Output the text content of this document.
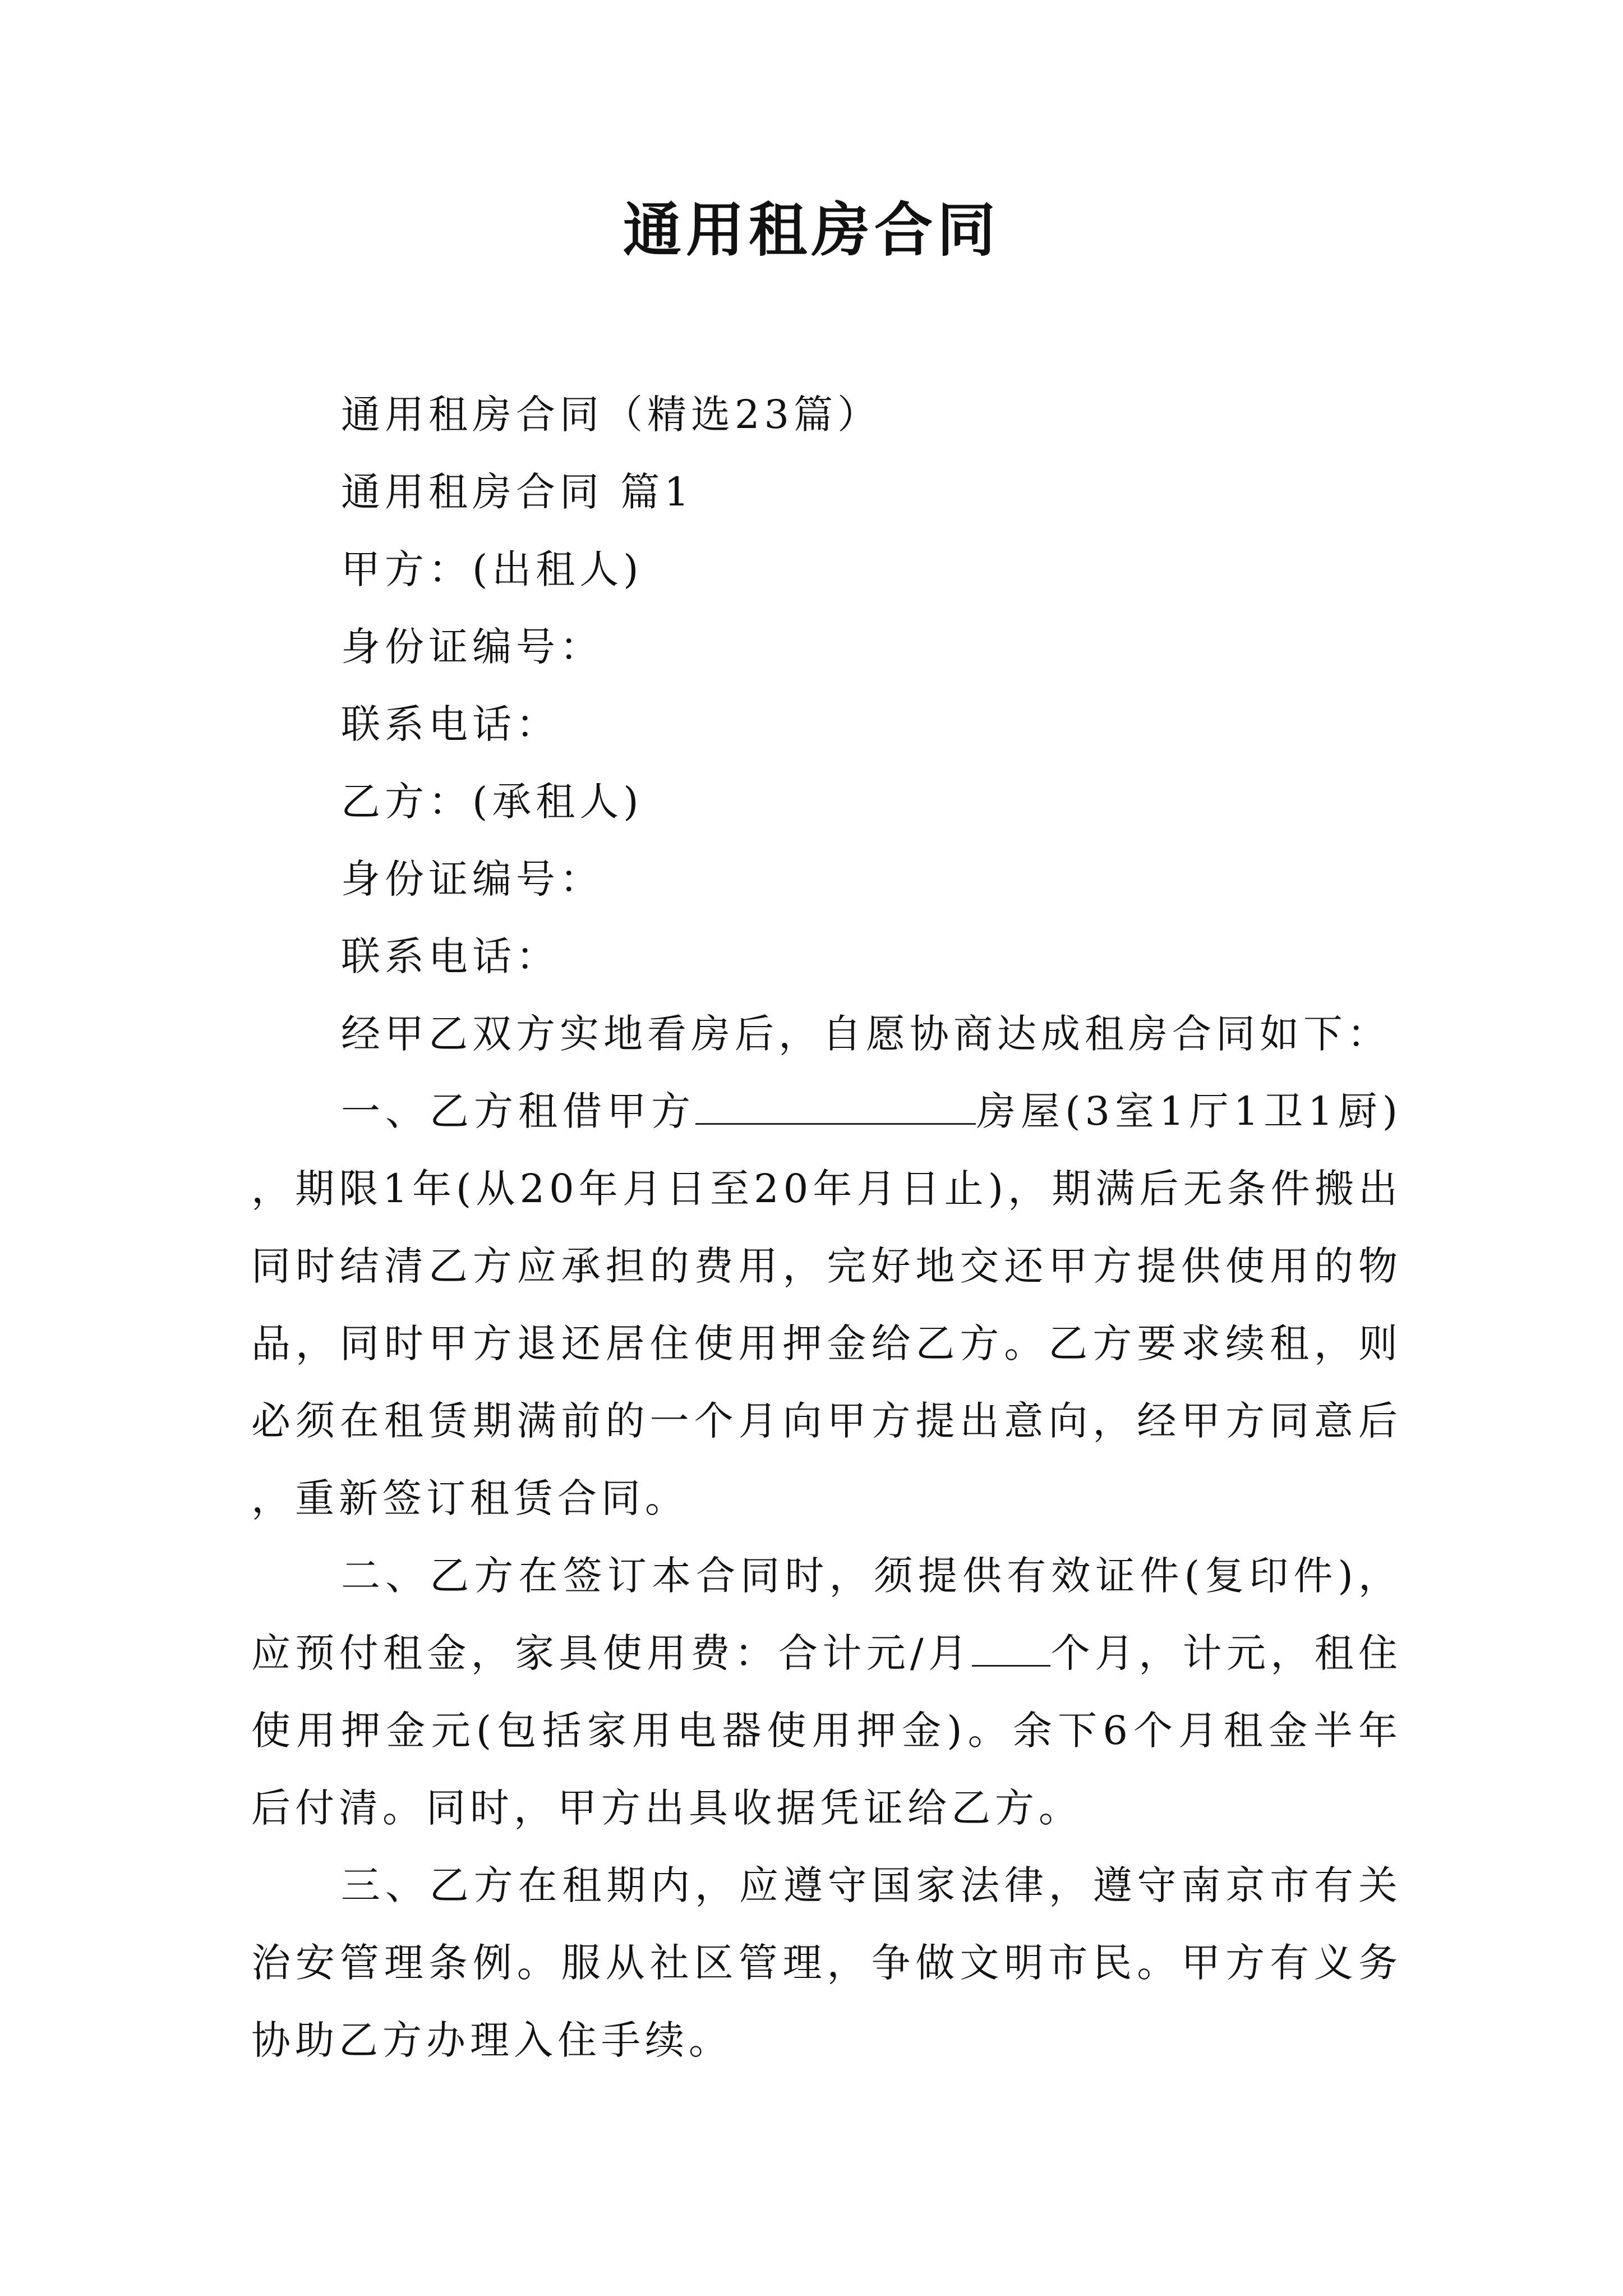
通用租房合同

通用租房合同（精选23篇）

通用租房合同 篇1

甲方：(出租人)

身份证编号：

联系电话：

乙方：(承租人)

身份证编号：

联系电话：

经甲乙双方实地看房后，自愿协商达成租房合同如下：

一、乙方租借甲方	房屋(3室1厅1卫1厨)，期限1年(从20年月日至20年月日止)，期满后无条件搬出同时结清乙方应承担的费用，完好地交还甲方提供使用的物品，同时甲方退还居住使用押金给乙方。乙方要求续租，则必须在租赁期满前的一个月向甲方提出意向，经甲方同意后，重新签订租赁合同。

二、乙方在签订本合同时，须提供有效证件(复印件)，应预付租金，家具使用费：合计元/月 个月，计元，租住使用押金元(包括家用电器使用押金)。余下6个月租金半年后付清。同时，甲方出具收据凭证给乙方。

三、乙方在租期内，应遵守国家法律，遵守南京市有关治安管理条例。服从社区管理，争做文明市民。甲方有义务协助乙方办理入住手续。
